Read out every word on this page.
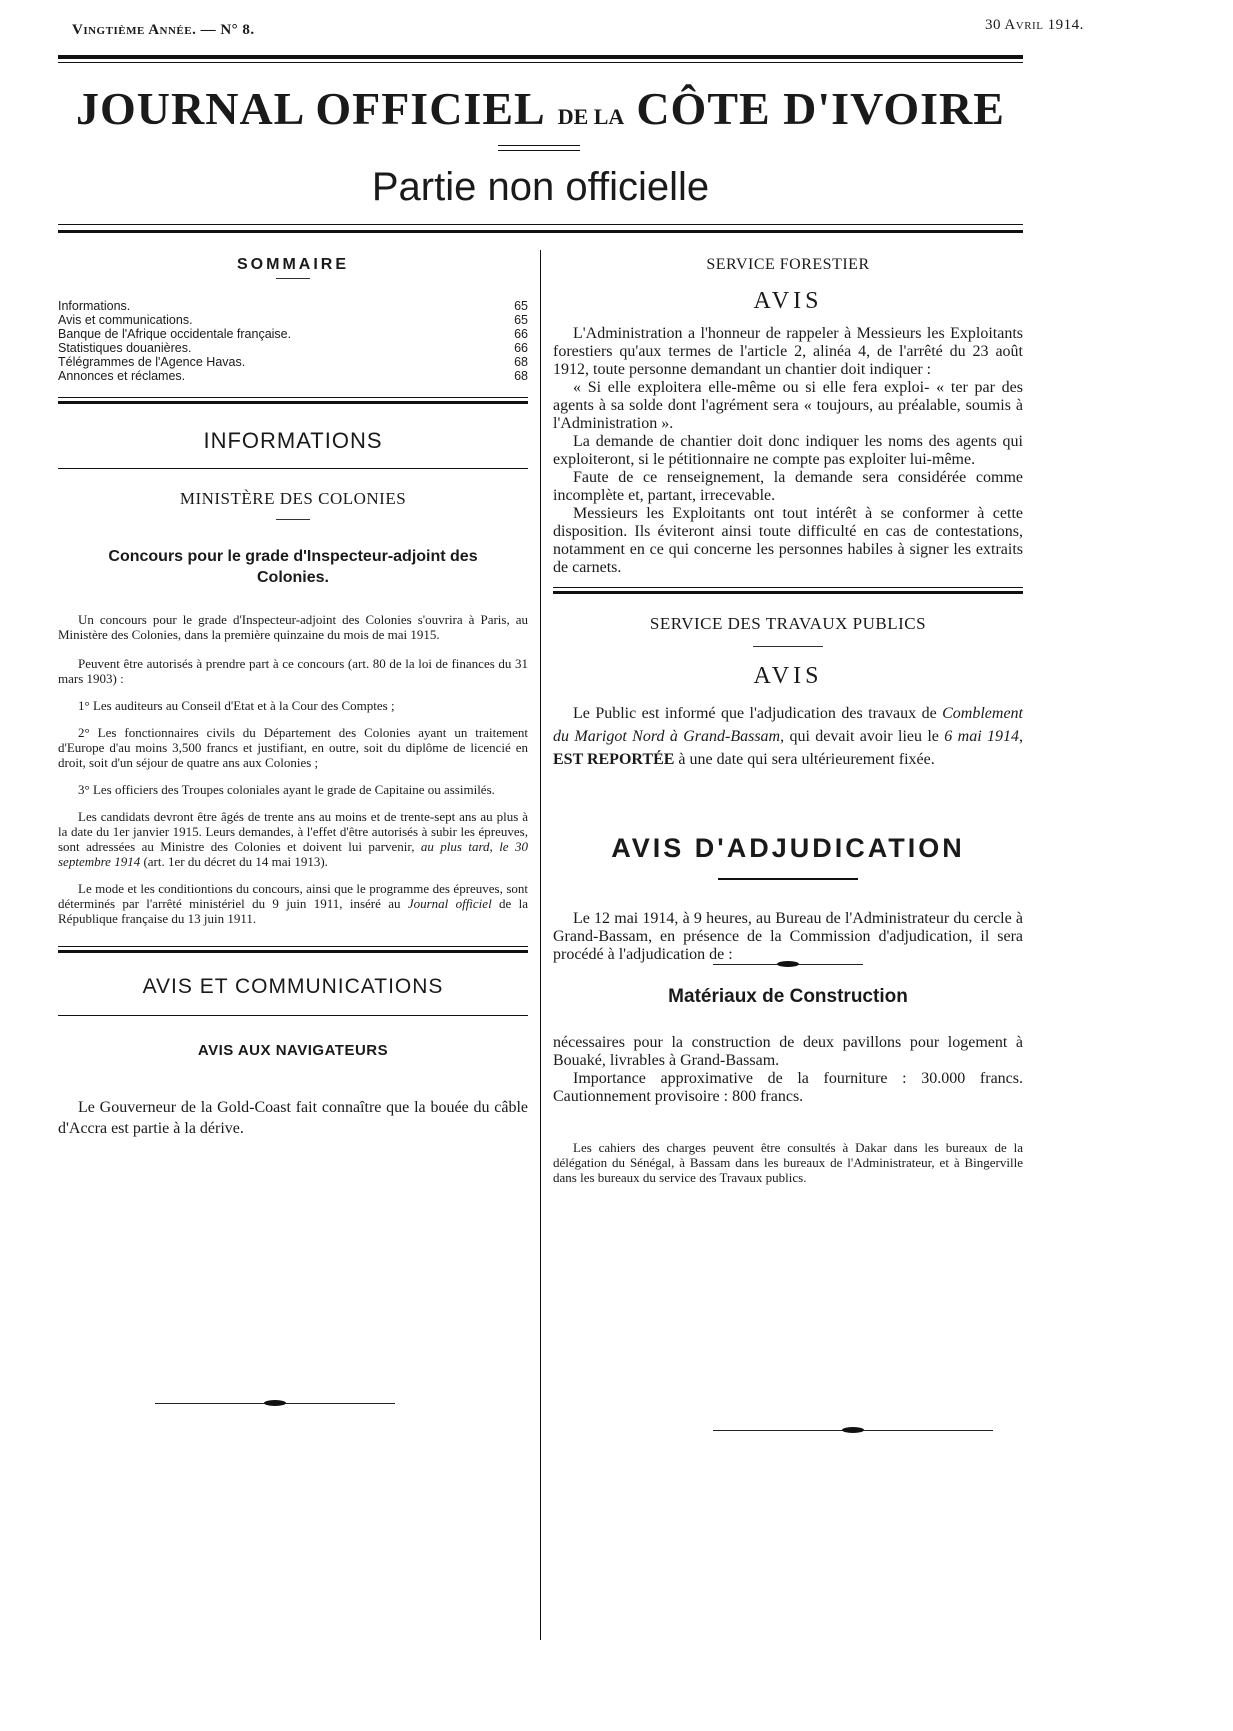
Vingtième Année. — N° 8.	30 Avril 1914.
JOURNAL OFFICIEL DE LA CÔTE D'IVOIRE
Partie non officielle
SOMMAIRE
Informations.	65
Avis et communications.	65
Banque de l'Afrique occidentale française.	66
Statistiques douanières.	66
Télégrammes de l'Agence Havas.	68
Annonces et réclames.	68
INFORMATIONS
MINISTÈRE DES COLONIES
Concours pour le grade d'Inspecteur-adjoint des Colonies.

Un concours pour le grade d'Inspecteur-adjoint des Colonies s'ouvrira à Paris, au Ministère des Colonies, dans la première quinzaine du mois de mai 1915.

Peuvent être autorisés à prendre part à ce concours (art. 80 de la loi de finances du 31 mars 1903) :

1° Les auditeurs au Conseil d'Etat et à la Cour des Comptes ;

2° Les fonctionnaires civils du Département des Colonies ayant un traitement d'Europe d'au moins 3,500 francs et justifiant, en outre, soit du diplôme de licencié en droit, soit d'un séjour de quatre ans aux Colonies ;

3° Les officiers des Troupes coloniales ayant le grade de Capitaine ou assimilés.

Les candidats devront être âgés de trente ans au moins et de trente-sept ans au plus à la date du 1er janvier 1915. Leurs demandes, à l'effet d'être autorisés à subir les épreuves, sont adressées au Ministre des Colonies et doivent lui parvenir, au plus tard, le 30 septembre 1914 (art. 1er du décret du 14 mai 1913).

Le mode et les conditiontions du concours, ainsi que le programme des épreuves, sont déterminés par l'arrêté ministériel du 9 juin 1911, inséré au Journal officiel de la République française du 13 juin 1911.

AVIS ET COMMUNICATIONS
AVIS AUX NAVIGATEURS

Le Gouverneur de la Gold-Coast fait connaître que la bouée du câble d'Accra est partie à la dérive.

SERVICE FORESTIER
AVIS

L'Administration a l'honneur de rappeler à Messieurs les Exploitants forestiers qu'aux termes de l'article 2, alinéa 4, de l'arrêté du 23 août 1912, toute personne demandant un chantier doit indiquer :

« Si elle exploitera elle-même ou si elle fera exploi- « ter par des agents à sa solde dont l'agrément sera « toujours, au préalable, soumis à l'Administration ».

La demande de chantier doit donc indiquer les noms des agents qui exploiteront, si le pétitionnaire ne compte pas exploiter lui-même.

Faute de ce renseignement, la demande sera considérée comme incomplète et, partant, irrecevable.

Messieurs les Exploitants ont tout intérêt à se conformer à cette disposition. Ils éviteront ainsi toute difficulté en cas de contestations, notamment en ce qui concerne les personnes habiles à signer les extraits de carnets.

SERVICE DES TRAVAUX PUBLICS
AVIS

Le Public est informé que l'adjudication des travaux de Comblement du Marigot Nord à Grand-Bassam, qui devait avoir lieu le 6 mai 1914, EST REPORTÉE à une date qui sera ultérieurement fixée.

AVIS D'ADJUDICATION

Le 12 mai 1914, à 9 heures, au Bureau de l'Administrateur du cercle à Grand-Bassam, en présence de la Commission d'adjudication, il sera procédé à l'adjudication de :

Matériaux de Construction

nécessaires pour la construction de deux pavillons pour logement à Bouaké, livrables à Grand-Bassam.

Importance approximative de la fourniture : 30.000 francs. Cautionnement provisoire : 800 francs.

Les cahiers des charges peuvent être consultés à Dakar dans les bureaux de la délégation du Sénégal, à Bassam dans les bureaux de l'Administrateur, et à Bingerville dans les bureaux du service des Travaux publics.
